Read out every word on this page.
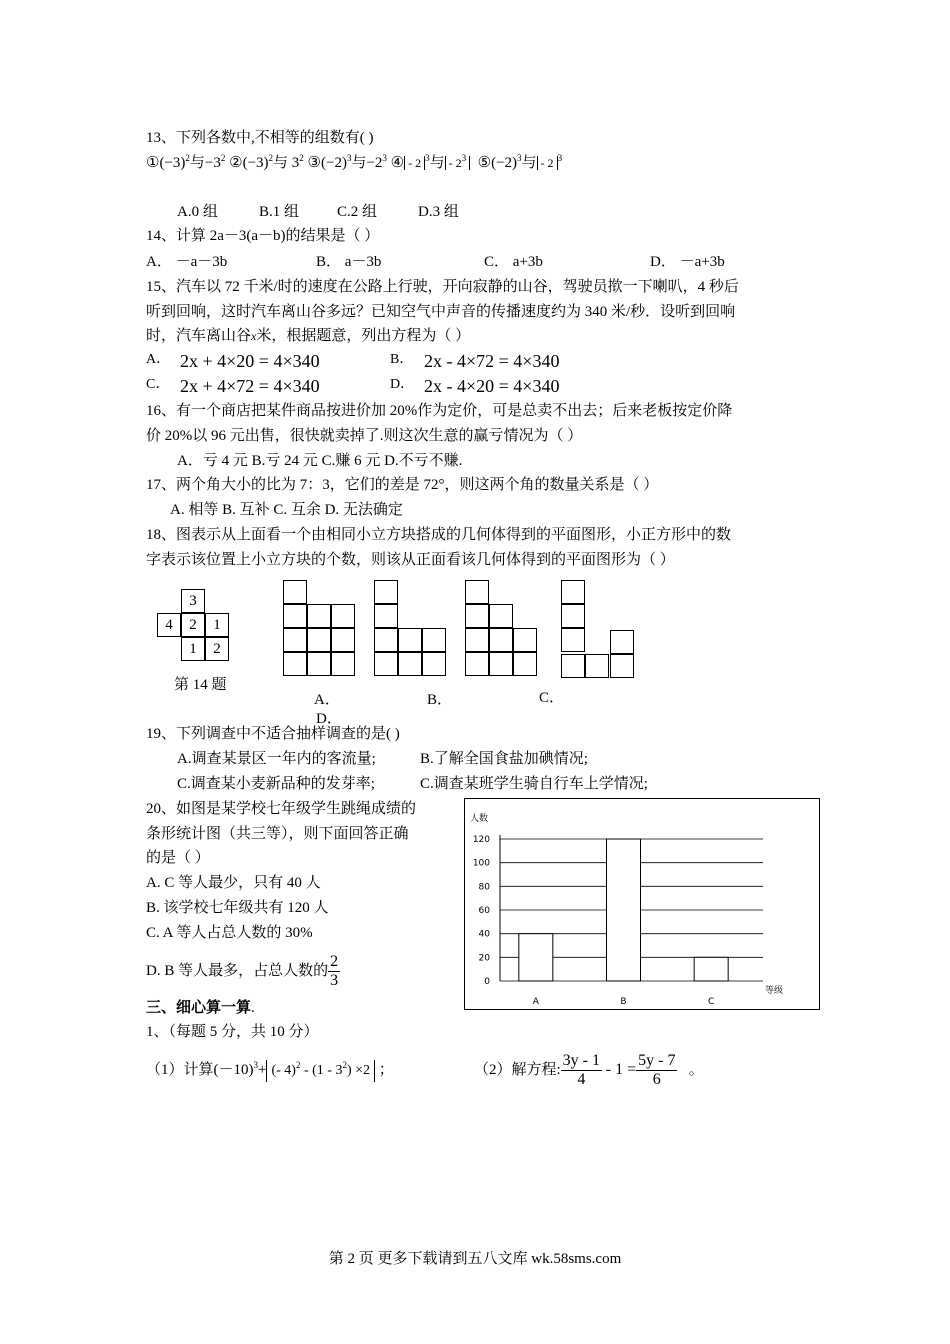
13、下列各数中,不相等的组数有( )
$①(-3)^2$与$-3^2$ $②(-3)^2$与 $3^2$ $③(-2)^3$与$-2^3$ ④ - 2 $^3$与 - $2^3$ $⑤(-2)^3$与 - 2 $^3$
A.0 组	B.1 组	C.2 组	D.3 组
14、计算 2a－3(a－b)的结果是（ ）
A． －a－3b	B． a－3b	C． a+3b	D． －a+3b
15、汽车以 72 千米/时的速度在公路上行驶，开向寂静的山谷，驾驶员揿一下喇叭，4 秒后
听到回响，这时汽车离山谷多远？已知空气中声音的传播速度约为 340 米/秒．设听到回响
时，汽车离山谷x米，根据题意，列出方程为（ ）
A． 2x + 4×20 = 4×340	B． 2x - 4×72 = 4×340
C． 2x + 4×72 = 4×340	D． 2x - 4×20 = 4×340
16、有一个商店把某件商品按进价加 20%作为定价，可是总卖不出去；后来老板按定价降
价 20%以 96 元出售，很快就卖掉了.则这次生意的赢亏情况为（ ）
A．亏 4 元 B.亏 24 元 C.赚 6 元 D.不亏不赚.
17、两个角大小的比为 7：3，它们的差是 72°，则这两个角的数量关系是（ ）
A. 相等 B. 互补 C. 互余 D. 无法确定
18、图表示从上面看一个由相同小立方块搭成的几何体得到的平面图形，小正方形中的数
字表示该位置上小立方块的个数，则该从正面看该几何体得到的平面图形为（ ）
3
4	2	1
1	2
第 14 题
A．	B．	C．
D．
19、下列调查中不适合抽样调查的是( )
A.调查某景区一年内的客流量;	B.了解全国食盐加碘情况;
C.调查某小麦新品种的发芽率;	C.调查某班学生骑自行车上学情况;
20、如图是某学校七年级学生跳绳成绩的
条形统计图（共三等），则下面回答正确
的是（ ）
A. C 等人最少，只有 40 人
B. 该学校七年级共有 120 人
C. A 等人占总人数的 30%
D. B 等人最多，占总人数的 $\frac{2}{3}$
人数
0
20
40
60
80
100
120
A	B	C
等级
三、细心算一算.
1、（每题 5 分，共 10 分）
（1）计算$(-10)^3+$ (- $4)^2 - (1 - 3^2) \times 2$ ；	（2）解方程: $\frac{3y - 1}{4} - 1 = \frac{5y - 7}{6}$ 。
第 2 页 更多下载请到五八文库 wk.58sms.com
